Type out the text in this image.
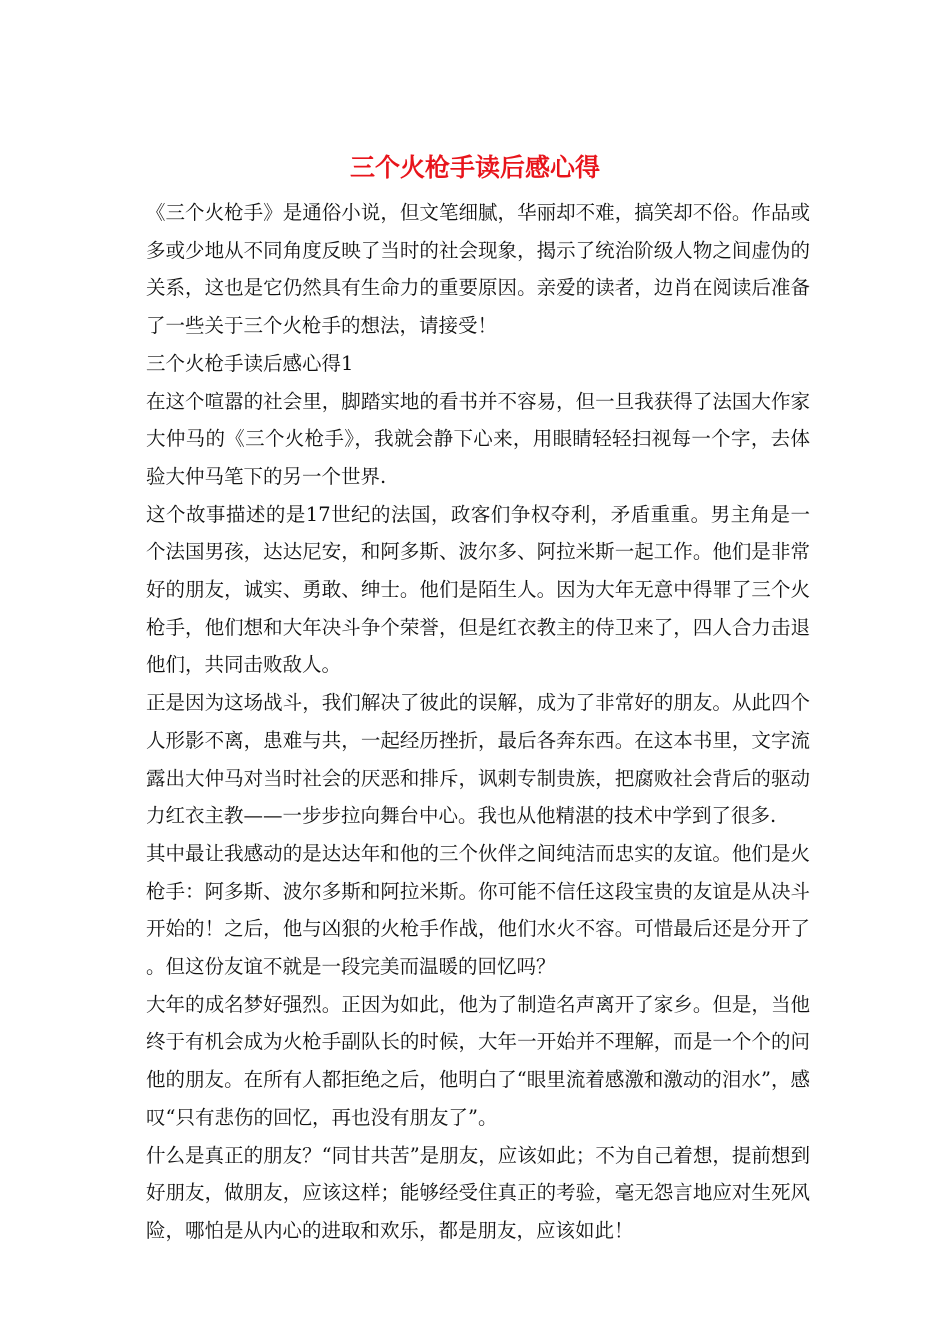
三个火枪手读后感心得

《三个火枪手》是通俗小说，但文笔细腻，华丽却不难，搞笑却不俗。作品或多或少地从不同角度反映了当时的社会现象，揭示了统治阶级人物之间虚伪的关系，这也是它仍然具有生命力的重要原因。亲爱的读者，边肖在阅读后准备了一些关于三个火枪手的想法，请接受！

三个火枪手读后感心得1

在这个喧嚣的社会里，脚踏实地的看书并不容易，但一旦我获得了法国大作家大仲马的《三个火枪手》，我就会静下心来，用眼睛轻轻扫视每一个字，去体验大仲马笔下的另一个世界.

这个故事描述的是17世纪的法国，政客们争权夺利，矛盾重重。男主角是一个法国男孩，达达尼安，和阿多斯、波尔多、阿拉米斯一起工作。他们是非常好的朋友，诚实、勇敢、绅士。他们是陌生人。因为大年无意中得罪了三个火枪手，他们想和大年决斗争个荣誉，但是红衣教主的侍卫来了，四人合力击退他们，共同击败敌人。

正是因为这场战斗，我们解决了彼此的误解，成为了非常好的朋友。从此四个人形影不离，患难与共，一起经历挫折，最后各奔东西。在这本书里，文字流露出大仲马对当时社会的厌恶和排斥，讽刺专制贵族，把腐败社会背后的驱动力红衣主教——一步步拉向舞台中心。我也从他精湛的技术中学到了很多.

其中最让我感动的是达达年和他的三个伙伴之间纯洁而忠实的友谊。他们是火枪手：阿多斯、波尔多斯和阿拉米斯。你可能不信任这段宝贵的友谊是从决斗开始的！之后，他与凶狠的火枪手作战，他们水火不容。可惜最后还是分开了。但这份友谊不就是一段完美而温暖的回忆吗？

大年的成名梦好强烈。正因为如此，他为了制造名声离开了家乡。但是，当他终于有机会成为火枪手副队长的时候，大年一开始并不理解，而是一个个的问他的朋友。在所有人都拒绝之后，他明白了“眼里流着感激和激动的泪水”，感叹“只有悲伤的回忆，再也没有朋友了”。

什么是真正的朋友？“同甘共苦”是朋友，应该如此；不为自己着想，提前想到好朋友，做朋友，应该这样；能够经受住真正的考验，毫无怨言地应对生死风险，哪怕是从内心的进取和欢乐，都是朋友，应该如此！
